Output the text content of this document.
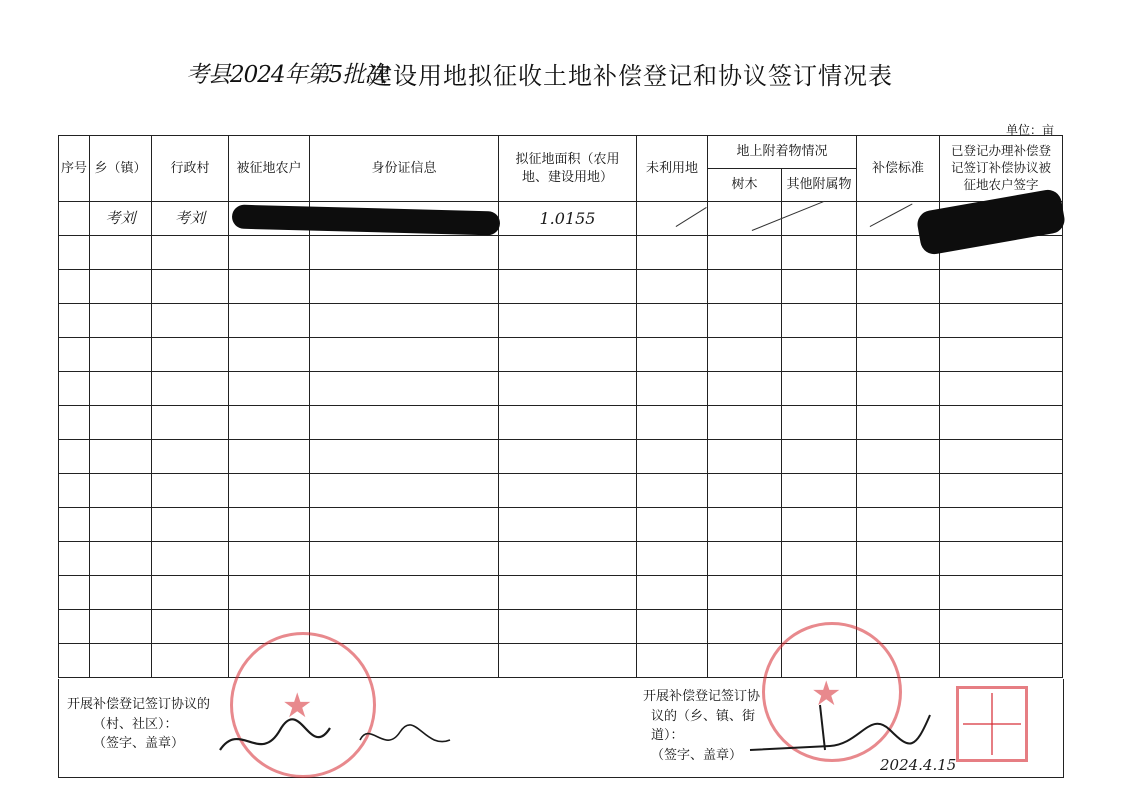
考县2024年第5批次
建设用地拟征收土地补偿登记和协议签订情况表
单位：亩
序号	乡（镇）	行政村	被征地农户	身份证信息	拟征地面积（农用地、建设用地）	未利用地	地上附着物情况		补偿标准	已登记办理补偿登记签订补偿协议被征地农户签字
							树木	其他附属物		
	考刘	考刘			1.0155					

开展补偿登记签订协议的
（村、社区）：
（签字、盖章）
开展补偿登记签订协
议的（乡、镇、街
道）：
（签字、盖章）
★	★
2024.4.15
